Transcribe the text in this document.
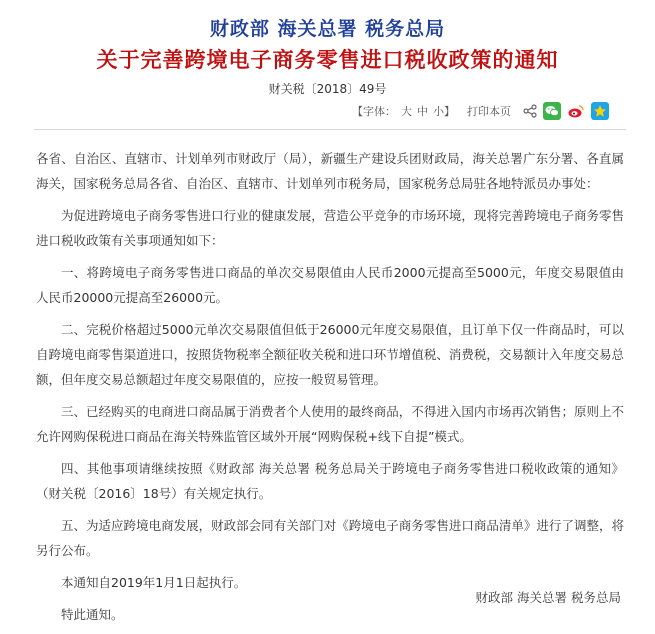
财政部 海关总署 税务总局
关于完善跨境电子商务零售进口税收政策的通知
财关税〔2018〕49号
【字体： 大 中 小 】 打印本页

各省、自治区、直辖市、计划单列市财政厅（局），新疆生产建设兵团财政局，海关总署广东分署、各直属海关，国家税务总局各省、自治区、直辖市、计划单列市税务局，国家税务总局驻各地特派员办事处：

为促进跨境电子商务零售进口行业的健康发展，营造公平竞争的市场环境，现将完善跨境电子商务零售进口税收政策有关事项通知如下：

一、将跨境电子商务零售进口商品的单次交易限值由人民币2000元提高至5000元，年度交易限值由人民币20000元提高至26000元。

二、完税价格超过5000元单次交易限值但低于26000元年度交易限值，且订单下仅一件商品时，可以自跨境电商零售渠道进口，按照货物税率全额征收关税和进口环节增值税、消费税，交易额计入年度交易总额，但年度交易总额超过年度交易限值的，应按一般贸易管理。

三、已经购买的电商进口商品属于消费者个人使用的最终商品，不得进入国内市场再次销售；原则上不允许网购保税进口商品在海关特殊监管区域外开展“网购保税+线下自提”模式。

四、其他事项请继续按照《财政部 海关总署 税务总局关于跨境电子商务零售进口税收政策的通知》（财关税〔2016〕18号）有关规定执行。

五、为适应跨境电商发展，财政部会同有关部门对《跨境电子商务零售进口商品清单》进行了调整，将另行公布。

本通知自2019年1月1日起执行。

特此通知。

财政部 海关总署 税务总局
